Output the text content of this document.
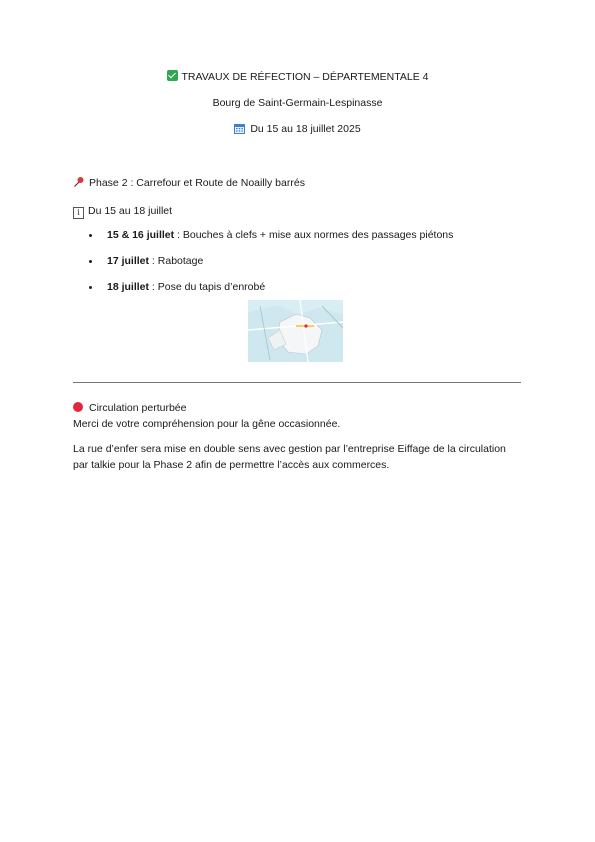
TRAVAUX DE RÉFECTION – DÉPARTEMENTALE 4
Bourg de Saint-Germain-Lespinasse
Du 15 au 18 juillet 2025
Phase 2 : Carrefour et Route de Noailly barrés
i Du 15 au 18 juillet
15 & 16 juillet : Bouches à clefs + mise aux normes des passages piétons
17 juillet : Rabotage
18 juillet : Pose du tapis d’enrobé
Circulation perturbée
Merci de votre compréhension pour la gêne occasionnée.
La rue d’enfer sera mise en double sens avec gestion par l’entreprise Eiffage de la circulation
par talkie pour la Phase 2 afin de permettre l’accès aux commerces.
